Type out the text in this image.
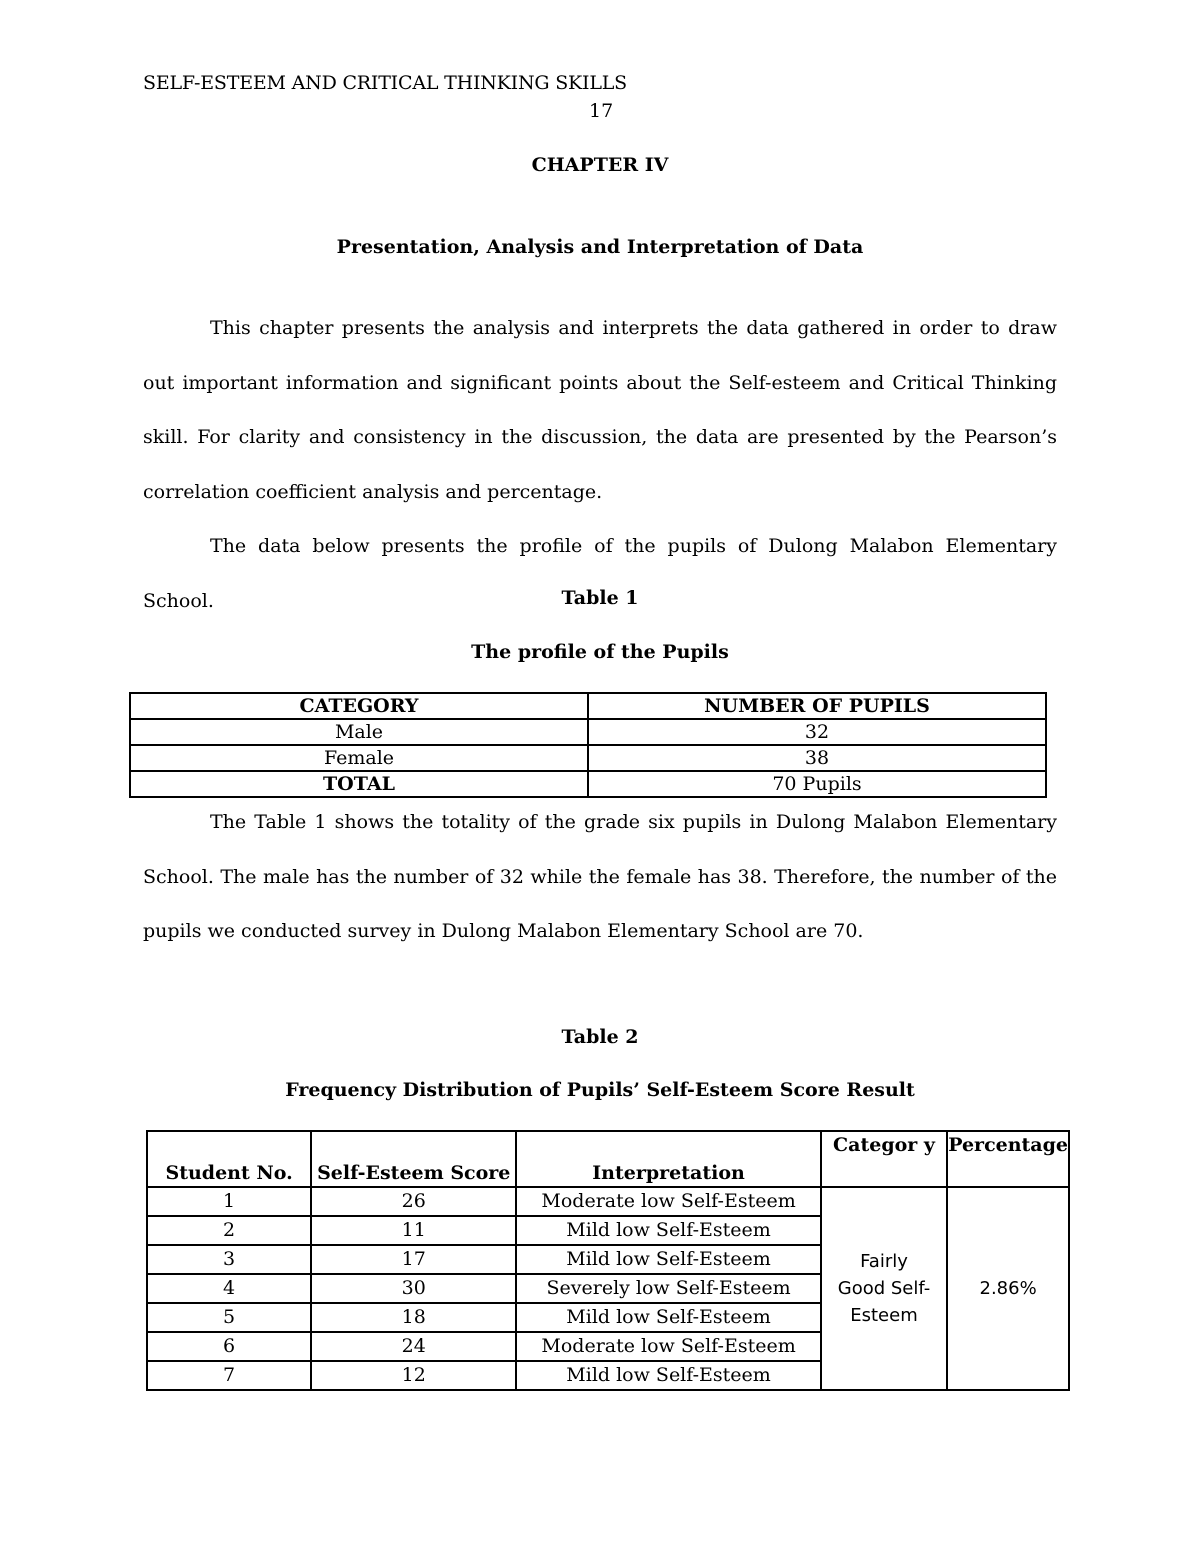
SELF-ESTEEM AND CRITICAL THINKING SKILLS
17
CHAPTER IV
Presentation, Analysis and Interpretation of Data
This chapter presents the analysis and interprets the data gathered in order to draw out important information and significant points about the Self-esteem and Critical Thinking skill. For clarity and consistency in the discussion, the data are presented by the Pearson’s correlation coefficient analysis and percentage.
The data below presents the profile of the pupils of Dulong Malabon Elementary School.	Table 1
The profile of the Pupils
CATEGORY	NUMBER OF PUPILS
Male	32
Female	38
TOTAL	70 Pupils
The Table 1 shows the totality of the grade six pupils in Dulong Malabon Elementary School. The male has the number of 32 while the female has 38. Therefore, the number of the pupils we conducted survey in Dulong Malabon Elementary School are 70.
Table 2
Frequency Distribution of Pupils’ Self-Esteem Score Result
Student No.	Self-Esteem Score	Interpretation	Categor y	Percentage
1	26	Moderate low Self-Esteem	Fairly Good Self-Esteem	2.86%
2	11	Mild low Self-Esteem		
3	17	Mild low Self-Esteem		
4	30	Severely low Self-Esteem		
5	18	Mild low Self-Esteem		
6	24	Moderate low Self-Esteem		
7	12	Mild low Self-Esteem		
